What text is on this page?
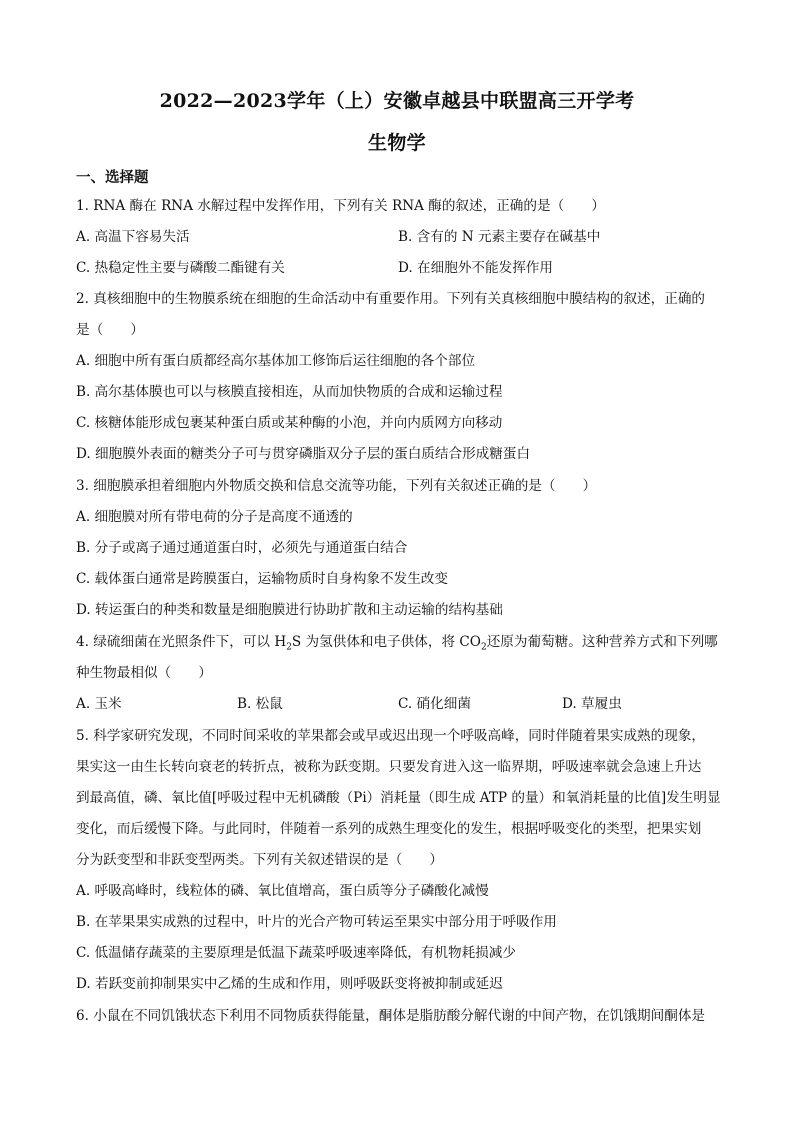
2022—2023学年（上）安徽卓越县中联盟高三开学考
生物学
一、选择题
1. RNA 酶在 RNA 水解过程中发挥作用，下列有关 RNA 酶的叙述，正确的是（　　）
A. 高温下容易失活	B. 含有的 N 元素主要存在碱基中
C. 热稳定性主要与磷酸二酯键有关	D. 在细胞外不能发挥作用
2. 真核细胞中的生物膜系统在细胞的生命活动中有重要作用。下列有关真核细胞中膜结构的叙述，正确的
是（　　）
A. 细胞中所有蛋白质都经高尔基体加工修饰后运往细胞的各个部位
B. 高尔基体膜也可以与核膜直接相连，从而加快物质的合成和运输过程
C. 核糖体能形成包裹某种蛋白质或某种酶的小泡，并向内质网方向移动
D. 细胞膜外表面的糖类分子可与贯穿磷脂双分子层的蛋白质结合形成糖蛋白
3. 细胞膜承担着细胞内外物质交换和信息交流等功能，下列有关叙述正确的是（　　）
A. 细胞膜对所有带电荷的分子是高度不通透的
B. 分子或离子通过通道蛋白时，必须先与通道蛋白结合
C. 载体蛋白通常是跨膜蛋白，运输物质时自身构象不发生改变
D. 转运蛋白的种类和数量是细胞膜进行协助扩散和主动运输的结构基础
4. 绿硫细菌在光照条件下，可以 $H_2S$ 为氢供体和电子供体，将 $CO_2$还原为葡萄糖。这种营养方式和下列哪
种生物最相似（　　）
A. 玉米	B. 松鼠	C. 硝化细菌	D. 草履虫
5. 科学家研究发现，不同时间采收的苹果都会或早或迟出现一个呼吸高峰，同时伴随着果实成熟的现象，
果实这一由生长转向衰老的转折点，被称为跃变期。只要发育进入这一临界期，呼吸速率就会急速上升达
到最高值，磷、氧比值[呼吸过程中无机磷酸（Pi）消耗量（即生成 ATP 的量）和氧消耗量的比值]发生明显
变化，而后缓慢下降。与此同时，伴随着一系列的成熟生理变化的发生，根据呼吸变化的类型，把果实划
分为跃变型和非跃变型两类。下列有关叙述错误的是（　　）
A. 呼吸高峰时，线粒体的磷、氧比值增高，蛋白质等分子磷酸化减慢
B. 在苹果果实成熟的过程中，叶片的光合产物可转运至果实中部分用于呼吸作用
C. 低温储存蔬菜的主要原理是低温下蔬菜呼吸速率降低，有机物耗损减少
D. 若跃变前抑制果实中乙烯的生成和作用，则呼吸跃变将被抑制或延迟
6. 小鼠在不同饥饿状态下利用不同物质获得能量，酮体是脂肪酸分解代谢的中间产物，在饥饿期间酮体是
